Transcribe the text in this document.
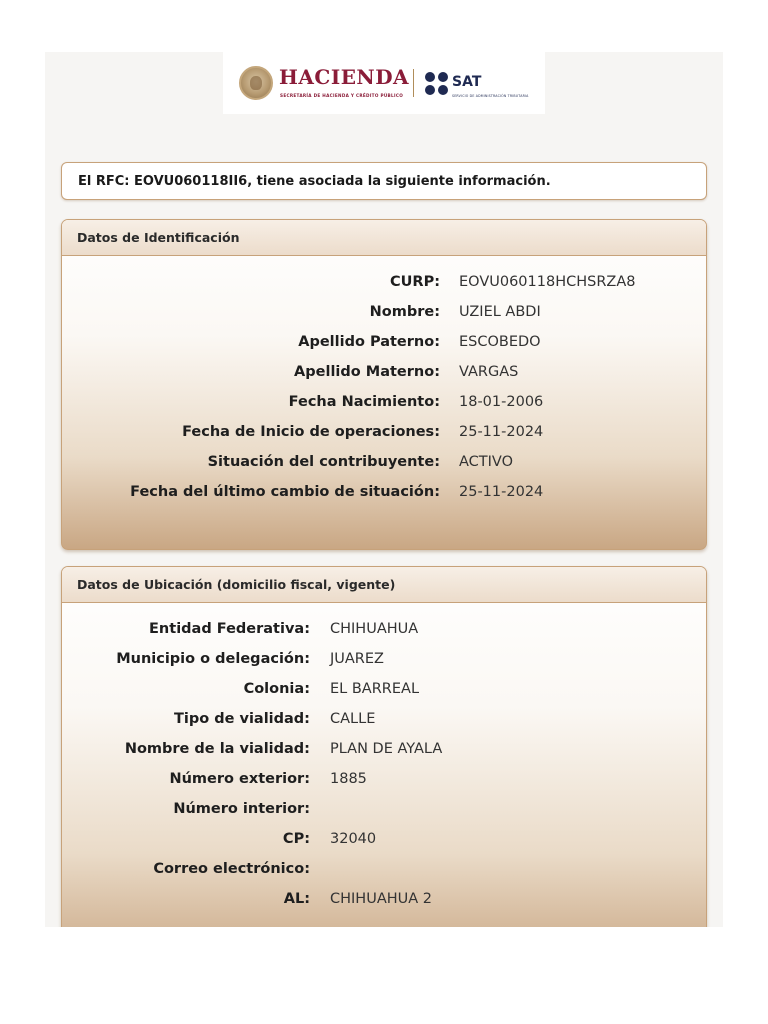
HACIENDA
SECRETARÍA DE HACIENDA Y CRÉDITO PÚBLICO
SAT
SERVICIO DE ADMINISTRACIÓN TRIBUTARIA
El RFC: EOVU060118II6, tiene asociada la siguiente información.
Datos de Identificación
CURP: EOVU060118HCHSRZA8
Nombre: UZIEL ABDI
Apellido Paterno: ESCOBEDO
Apellido Materno: VARGAS
Fecha Nacimiento: 18-01-2006
Fecha de Inicio de operaciones: 25-11-2024
Situación del contribuyente: ACTIVO
Fecha del último cambio de situación: 25-11-2024
Datos de Ubicación (domicilio fiscal, vigente)
Entidad Federativa: CHIHUAHUA
Municipio o delegación: JUAREZ
Colonia: EL BARREAL
Tipo de vialidad: CALLE
Nombre de la vialidad: PLAN DE AYALA
Número exterior: 1885
Número interior:
CP: 32040
Correo electrónico:
AL: CHIHUAHUA 2
